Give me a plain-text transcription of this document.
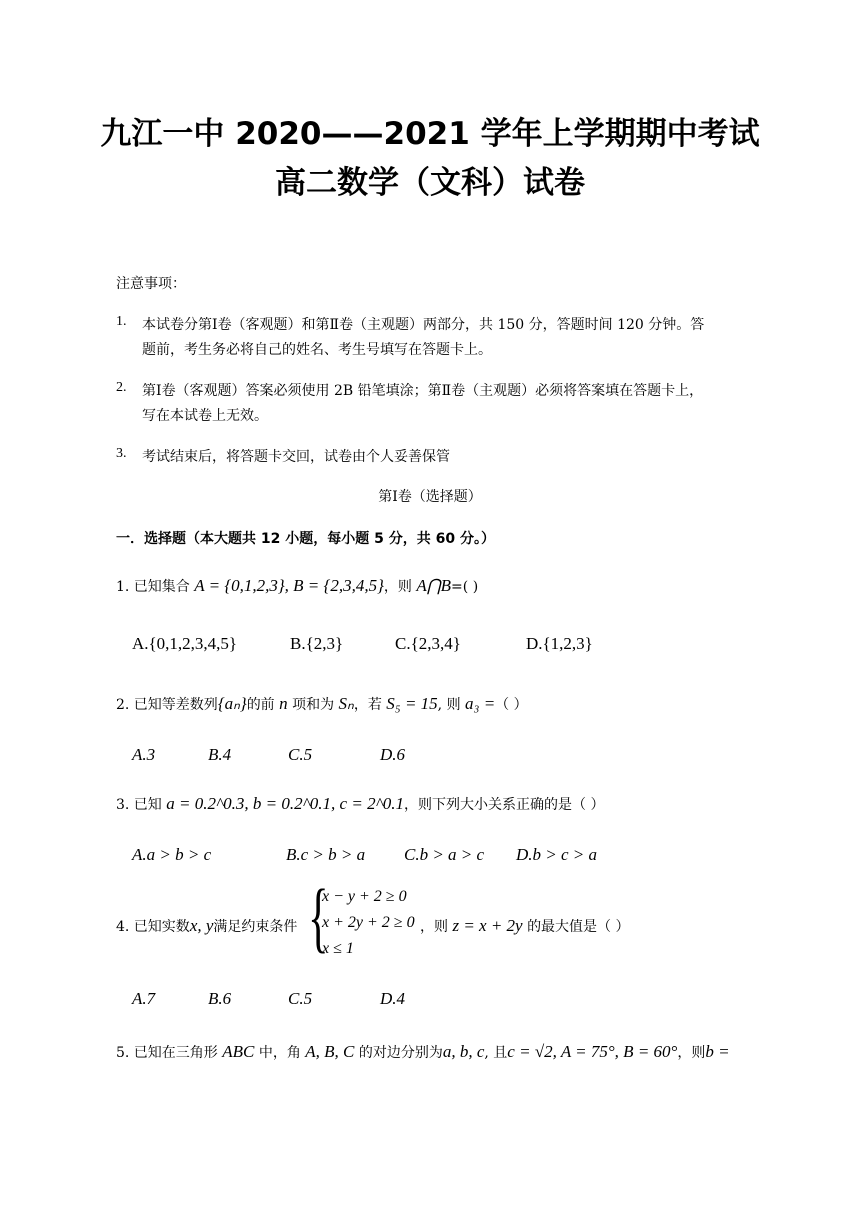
九江一中 2020——2021 学年上学期期中考试
高二数学（文科）试卷
注意事项：
1. 本试卷分第Ⅰ卷（客观题）和第Ⅱ卷（主观题）两部分，共 150 分，答题时间 120 分钟。答
题前，考生务必将自己的姓名、考生号填写在答题卡上。
2. 第Ⅰ卷（客观题）答案必须使用 2B 铅笔填涂；第Ⅱ卷（主观题）必须将答案填在答题卡上，
写在本试卷上无效。
3. 考试结束后，将答题卡交回，试卷由个人妥善保管
第Ⅰ卷（选择题）
一．选择题（本大题共 12 小题，每小题 5 分，共 60 分。）
1. 已知集合 A = {0,1,2,3}, B = {2,3,4,5}，则 A⋂B=( )
A.{0,1,2,3,4,5}	B.{2,3}	C.{2,3,4}	D.{1,2,3}
2. 已知等差数列{aₙ}的前 n 项和为 Sₙ，若 S₅ = 15, 则 a₃ =（ ）
A.3	B.4	C.5	D.6
3. 已知 a = 0.2^0.3, b = 0.2^0.1, c = 2^0.1，则下列大小关系正确的是（ ）
A.a > b > c	B.c > b > a C.b > a > c D.b > c > a
4. 已知实数x, y满足约束条件 {
x − y + 2 ≥ 0
x + 2y + 2 ≥ 0
x ≤ 1
，则 z = x + 2y 的最大值是（ ）
A.7	B.6	C.5	D.4
5. 已知在三角形 ABC 中，角 A, B, C 的对边分别为a, b, c, 且c = √2, A = 75°, B = 60°，则b =
